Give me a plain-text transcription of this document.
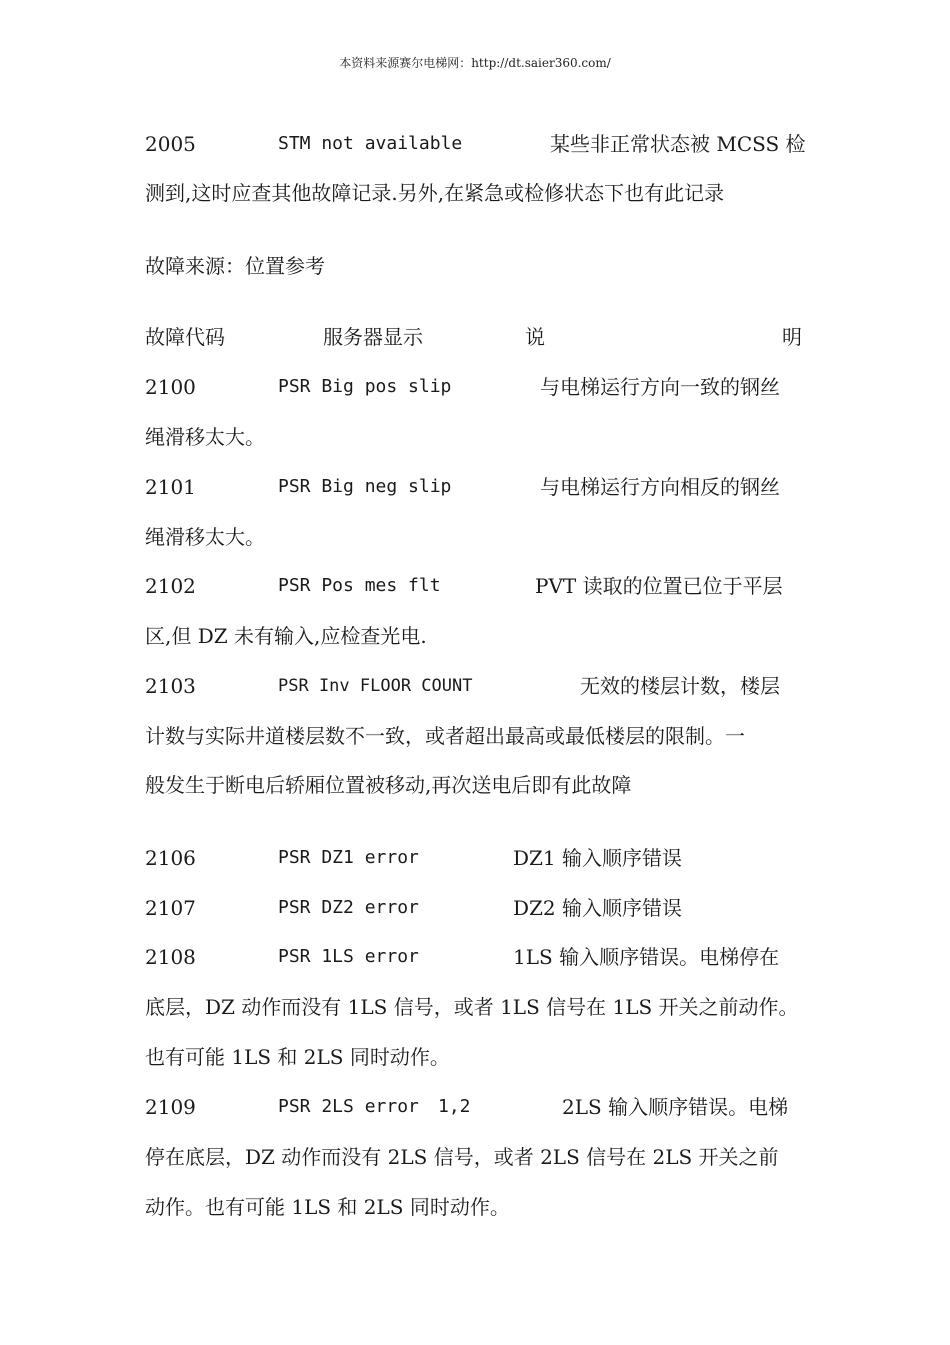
本资料来源赛尔电梯网：http://dt.saier360.com/
2005	STM not available	某些非正常状态被 MCSS 检
测到,这时应查其他故障记录.另外,在紧急或检修状态下也有此记录
故障来源：位置参考
故障代码	服务器显示	说	明
2100	PSR Big pos slip	与电梯运行方向一致的钢丝
绳滑移太大。
2101	PSR Big neg slip	与电梯运行方向相反的钢丝
绳滑移太大。
2102	PSR Pos mes flt	PVT 读取的位置已位于平层
区,但 DZ 未有输入,应检查光电.
2103	PSR Inv FLOOR COUNT	无效的楼层计数，楼层
计数与实际井道楼层数不一致，或者超出最高或最低楼层的限制。一
般发生于断电后轿厢位置被移动,再次送电后即有此故障
2106	PSR DZ1 error	DZ1 输入顺序错误
2107	PSR DZ2 error	DZ2 输入顺序错误
2108	PSR 1LS error	1LS 输入顺序错误。电梯停在
底层，DZ 动作而没有 1LS 信号，或者 1LS 信号在 1LS 开关之前动作。
也有可能 1LS 和 2LS 同时动作。
2109	PSR 2LS error 1,2	2LS 输入顺序错误。电梯
停在底层，DZ 动作而没有 2LS 信号，或者 2LS 信号在 2LS 开关之前
动作。也有可能 1LS 和 2LS 同时动作。
